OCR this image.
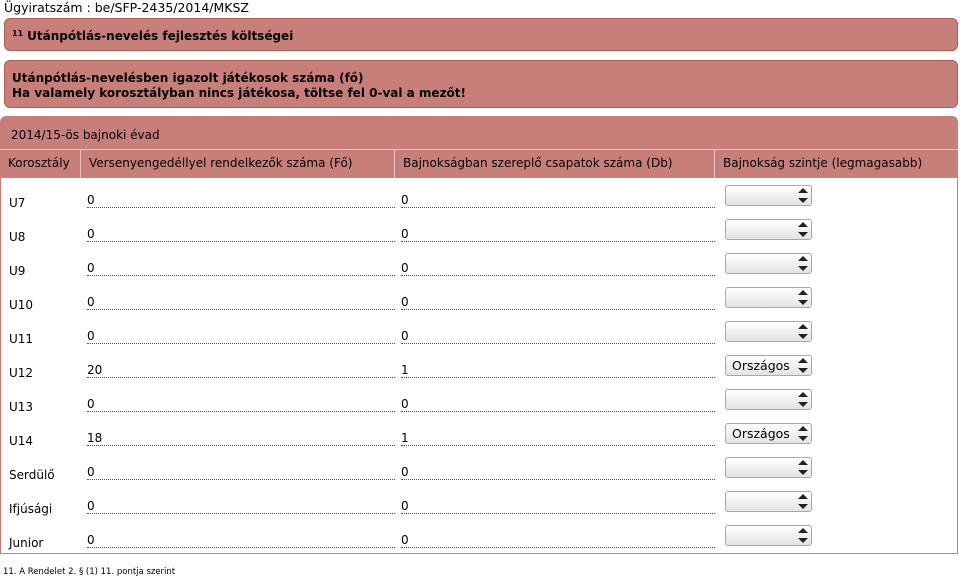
Ügyiratszám : be/SFP-2435/2014/MKSZ
$^{11}$ Utánpótlás-nevelés fejlesztés költségei
Utánpótlás-nevelésben igazolt játékosok száma (fő)
Ha valamely korosztályban nincs játékosa, töltse fel 0-val a mezőt!
2014/15-ös bajnoki évad
Korosztály	Versenyengedéllyel rendelkezők száma (Fő)	Bajnokságban szereplő csapatok száma (Db)	Bajnokság szintje (legmagasabb)
U7	0	0
U8	0	0
U9	0	0
U10	0	0
U11	0	0
U12	20	1	Országos
U13	0	0
U14	18	1	Országos
Serdülő	0	0
Ifjúsági	0	0
Junior	0	0
11. A Rendelet 2. § (1) 11. pontja szerint
